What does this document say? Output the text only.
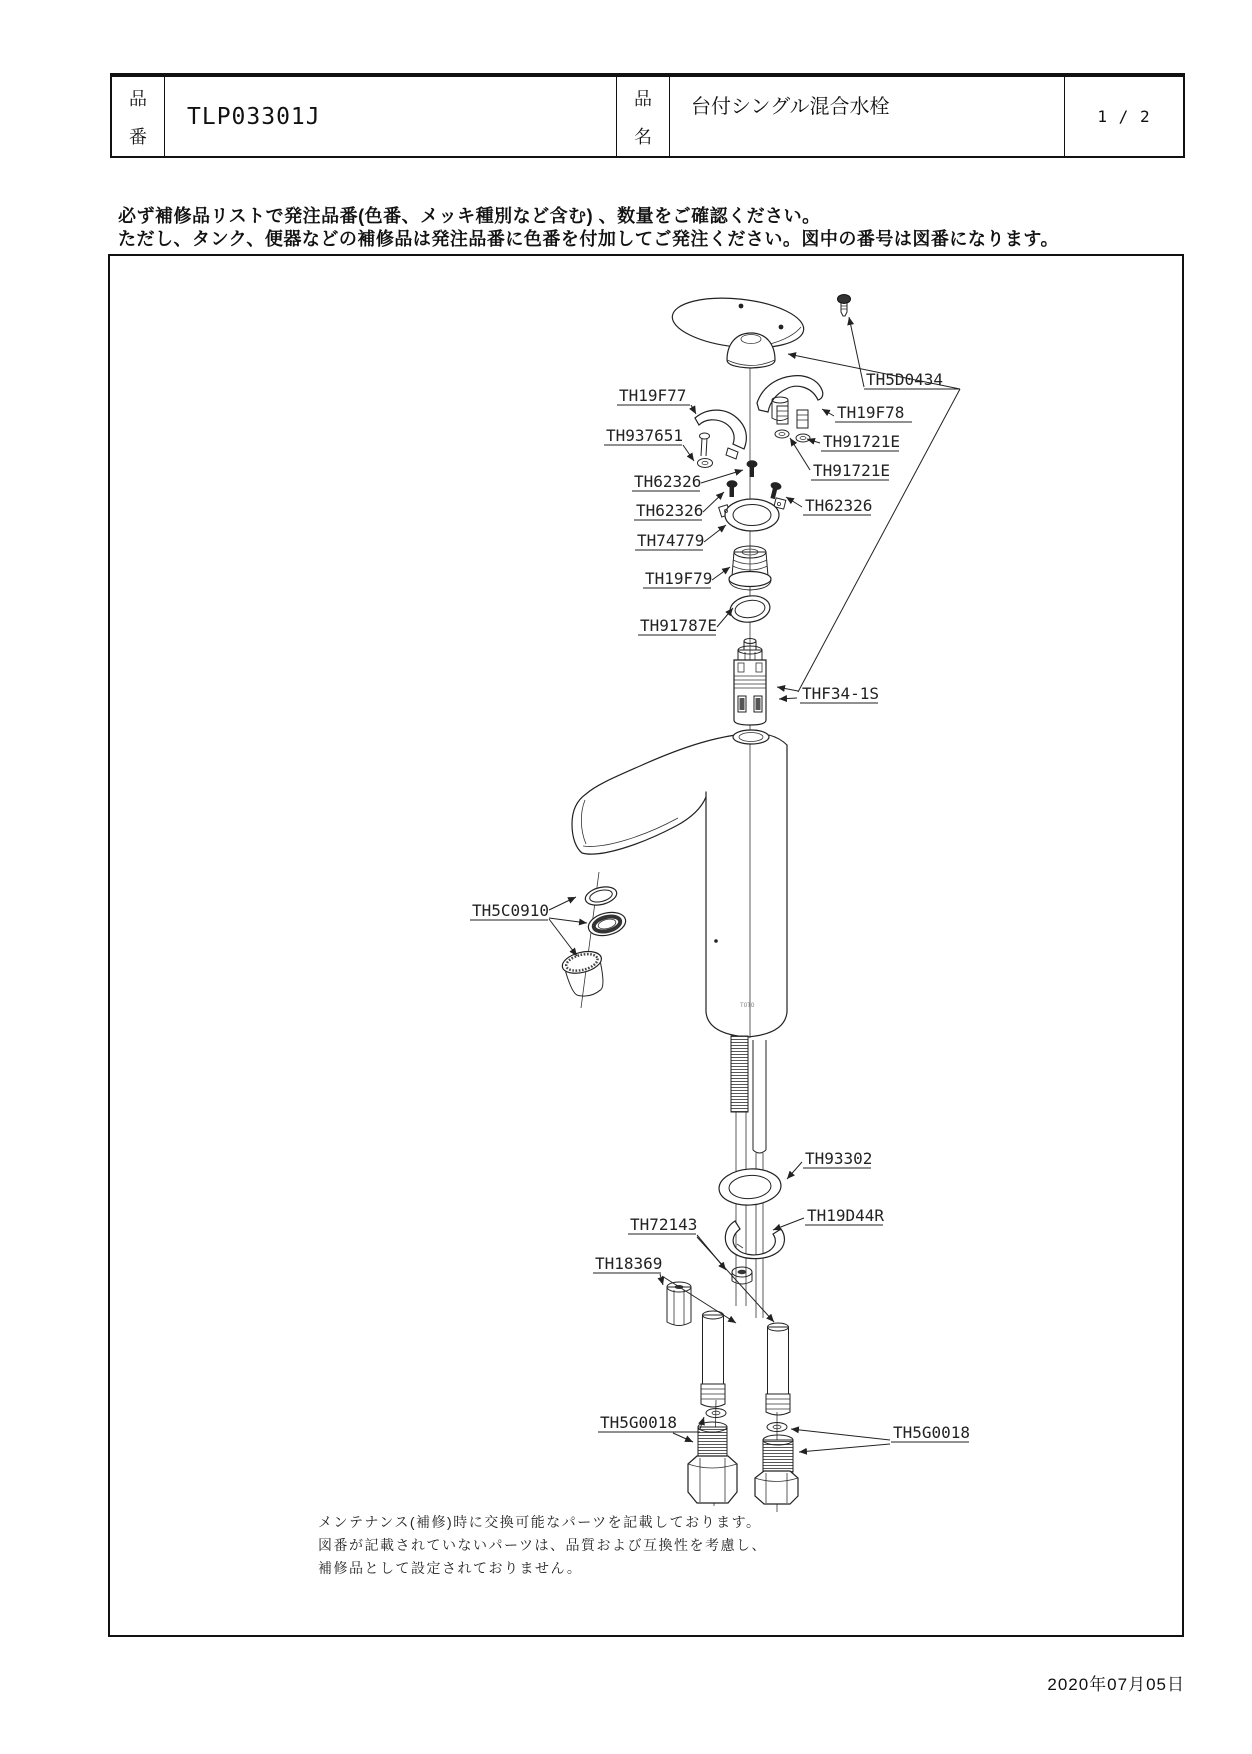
品
番
TLP03301J
品
名
台付シングル混合水栓	1 / 2
必ず補修品リストで発注品番(色番、メッキ種別など含む) 、数量をご確認ください。
ただし、タンク、便器などの補修品は発注品番に色番を付加してご発注ください。図中の番号は図番になります。
TOTO
TH5D0434
TH19F77
TH19F78
TH937651	TH91721E
TH91721E
TH62326
TH62326	TH62326
TH74779
TH19F79
TH91787E
THF34-1S
TH5C0910
TH93302
TH19D44R
TH72143
TH18369
TH5G0018
TH5G0018
メンテナンス(補修)時に交換可能なパーツを記載しております。
図番が記載されていないパーツは、品質および互換性を考慮し、
補修品として設定されておりません。
2020年07月05日
